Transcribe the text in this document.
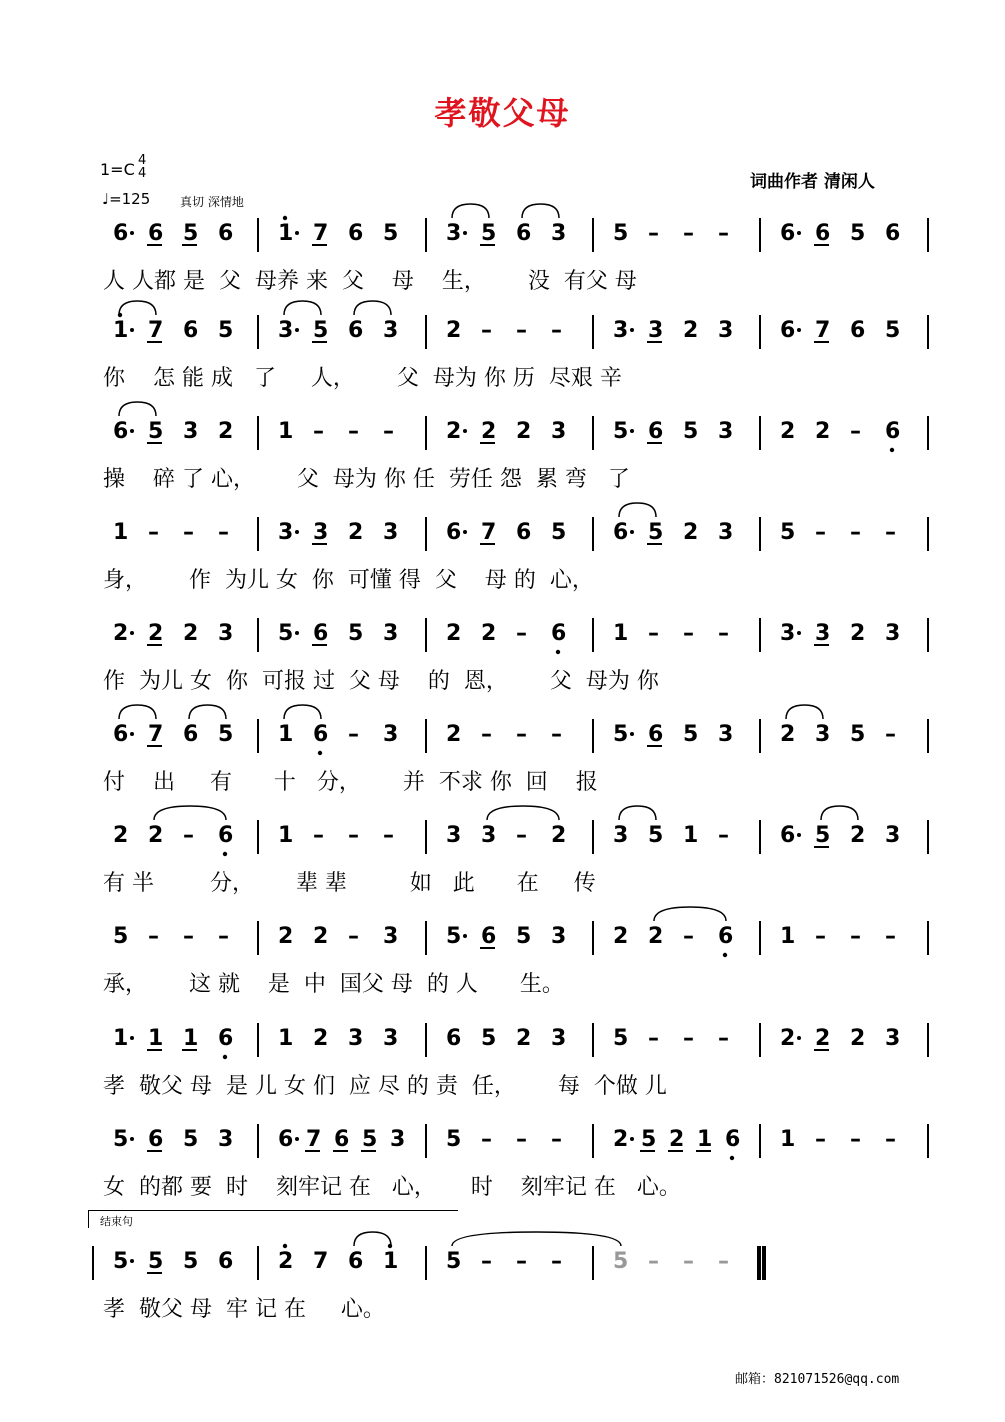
孝敬父母
1=C 4
4
♩=125 真切 深情地
词曲作者 清闲人
结束句
6 6 5 6 1 7 6 5 3 5 6 3 5 – – – 6 6 5 6
1 7 6 5 3 5 6 3 2 – – – 3 3 2 3 6 7 6 5
6 5 3 2 1 – – – 2 2 2 3 5 6 5 3 2 2 – 6
1 – – – 3 3 2 3 6 7 6 5 6 5 2 3 5 – – –
2 2 2 3 5 6 5 3 2 2 – 6 1 – – – 3 3 2 3
6 7 6 5 1 6 – 3 2 – – – 5 6 5 3 2 3 5 –
2 2 – 6 1 – – – 3 3 – 2 3 5 1 – 6 5 2 3
5 – – – 2 2 – 3 5 6 5 3 2 2 – 6 1 – – –
1 1 1 6 1 2 3 3 6 5 2 3 5 – – – 2 2 2 3
5 6 5 3 6 7 6 5 3 5 – – – 2 5 2 1 6 1 – – –
5 5 5 6 2 7 6 1 5 – – – 5 – – –
人 人都 是  父  母养 来  父    母    生，      没  有父 母
你    怎 能 成   了     人，      父  母为 你 历  尽艰 辛
操    碎 了 心，      父  母为 你 任  劳任 怨  累 弯   了
身，      作  为儿 女  你  可懂 得  父    母 的  心，
作  为儿 女  你  可报 过  父 母    的  恩，      父  母为 你
付    出     有      十   分，      并  不求 你  回    报
有 半        分，      辈 辈         如   此      在     传
承，      这 就    是  中  国父 母  的 人      生。
孝  敬父 母  是 儿 女 们  应 尽 的 责  任，      每  个做 儿
女  的都 要  时    刻牢记 在   心，     时    刻牢记 在   心。
孝  敬父 母  牢 记 在     心。
邮箱：821071526@qq.com
